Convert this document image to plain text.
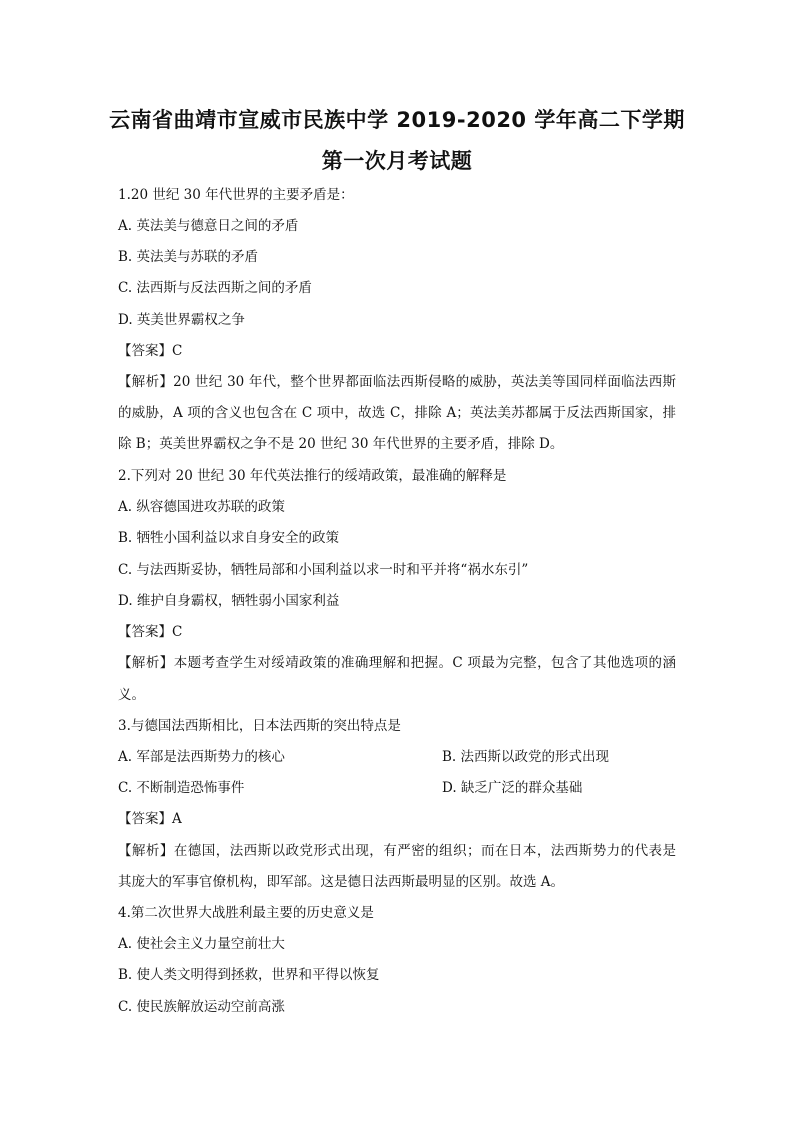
云南省曲靖市宣威市民族中学 2019-2020 学年高二下学期
第一次月考试题
1.20 世纪 30 年代世界的主要矛盾是：
A. 英法美与德意日之间的矛盾
B. 英法美与苏联的矛盾
C. 法西斯与反法西斯之间的矛盾
D. 英美世界霸权之争
【答案】C
【解析】20 世纪 30 年代，整个世界都面临法西斯侵略的威胁，英法美等国同样面临法西斯
的威胁，A 项的含义也包含在 C 项中，故选 C，排除 A；英法美苏都属于反法西斯国家，排
除 B；英美世界霸权之争不是 20 世纪 30 年代世界的主要矛盾，排除 D。
2.下列对 20 世纪 30 年代英法推行的绥靖政策，最准确的解释是
A. 纵容德国进攻苏联的政策
B. 牺牲小国利益以求自身安全的政策
C. 与法西斯妥协，牺牲局部和小国利益以求一时和平并将“祸水东引”
D. 维护自身霸权，牺牲弱小国家利益
【答案】C
【解析】本题考查学生对绥靖政策的准确理解和把握。C 项最为完整，包含了其他选项的涵
义。
3.与德国法西斯相比，日本法西斯的突出特点是
A. 军部是法西斯势力的核心	B. 法西斯以政党的形式出现
C. 不断制造恐怖事件	D. 缺乏广泛的群众基础
【答案】A
【解析】在德国，法西斯以政党形式出现，有严密的组织；而在日本，法西斯势力的代表是
其庞大的军事官僚机构，即军部。这是德日法西斯最明显的区别。故选 A。
4.第二次世界大战胜利最主要的历史意义是
A. 使社会主义力量空前壮大
B. 使人类文明得到拯救，世界和平得以恢复
C. 使民族解放运动空前高涨
